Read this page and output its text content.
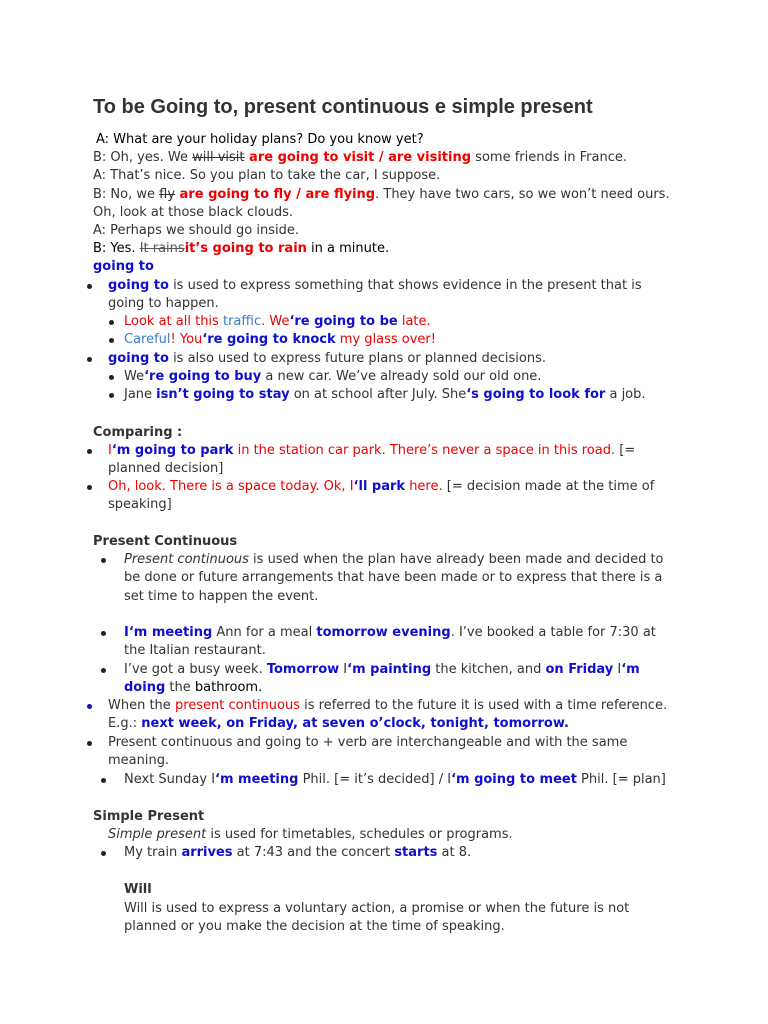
To be Going to, present continuous e simple present
A: What are your holiday plans? Do you know yet?
B: Oh, yes. We will visit are going to visit / are visiting some friends in France.
A: That’s nice. So you plan to take the car, I suppose.
B: No, we fly are going to fly / are flying. They have two cars, so we won’t need ours.
Oh, look at those black clouds.
A: Perhaps we should go inside.
B: Yes. It rainsit’s going to rain in a minute.
going to
going to is used to express something that shows evidence in the present that is
going to happen.
Look at all this traffic. We‘re going to be late.
Careful! You‘re going to knock my glass over!
going to is also used to express future plans or planned decisions.
We‘re going to buy a new car. We’ve already sold our old one.
Jane isn’t going to stay on at school after July. She‘s going to look for a job.
Comparing :
I‘m going to park in the station car park. There’s never a space in this road. [=
planned decision]
Oh, look. There is a space today. Ok, I‘ll park here. [= decision made at the time of
speaking]
Present Continuous
Present continuous is used when the plan have already been made and decided to
be done or future arrangements that have been made or to express that there is a
set time to happen the event.
I‘m meeting Ann for a meal tomorrow evening. I’ve booked a table for 7:30 at
the Italian restaurant.
I’ve got a busy week. Tomorrow I‘m painting the kitchen, and on Friday I‘m
doing the bathroom.
When the present continuous is referred to the future it is used with a time reference.
E.g.: next week, on Friday, at seven o’clock, tonight, tomorrow.
Present continuous and going to + verb are interchangeable and with the same
meaning.
Next Sunday I‘m meeting Phil. [= it’s decided] / I‘m going to meet Phil. [= plan]
Simple Present
Simple present is used for timetables, schedules or programs.
My train arrives at 7:43 and the concert starts at 8.
Will
Will is used to express a voluntary action, a promise or when the future is not
planned or you make the decision at the time of speaking.
